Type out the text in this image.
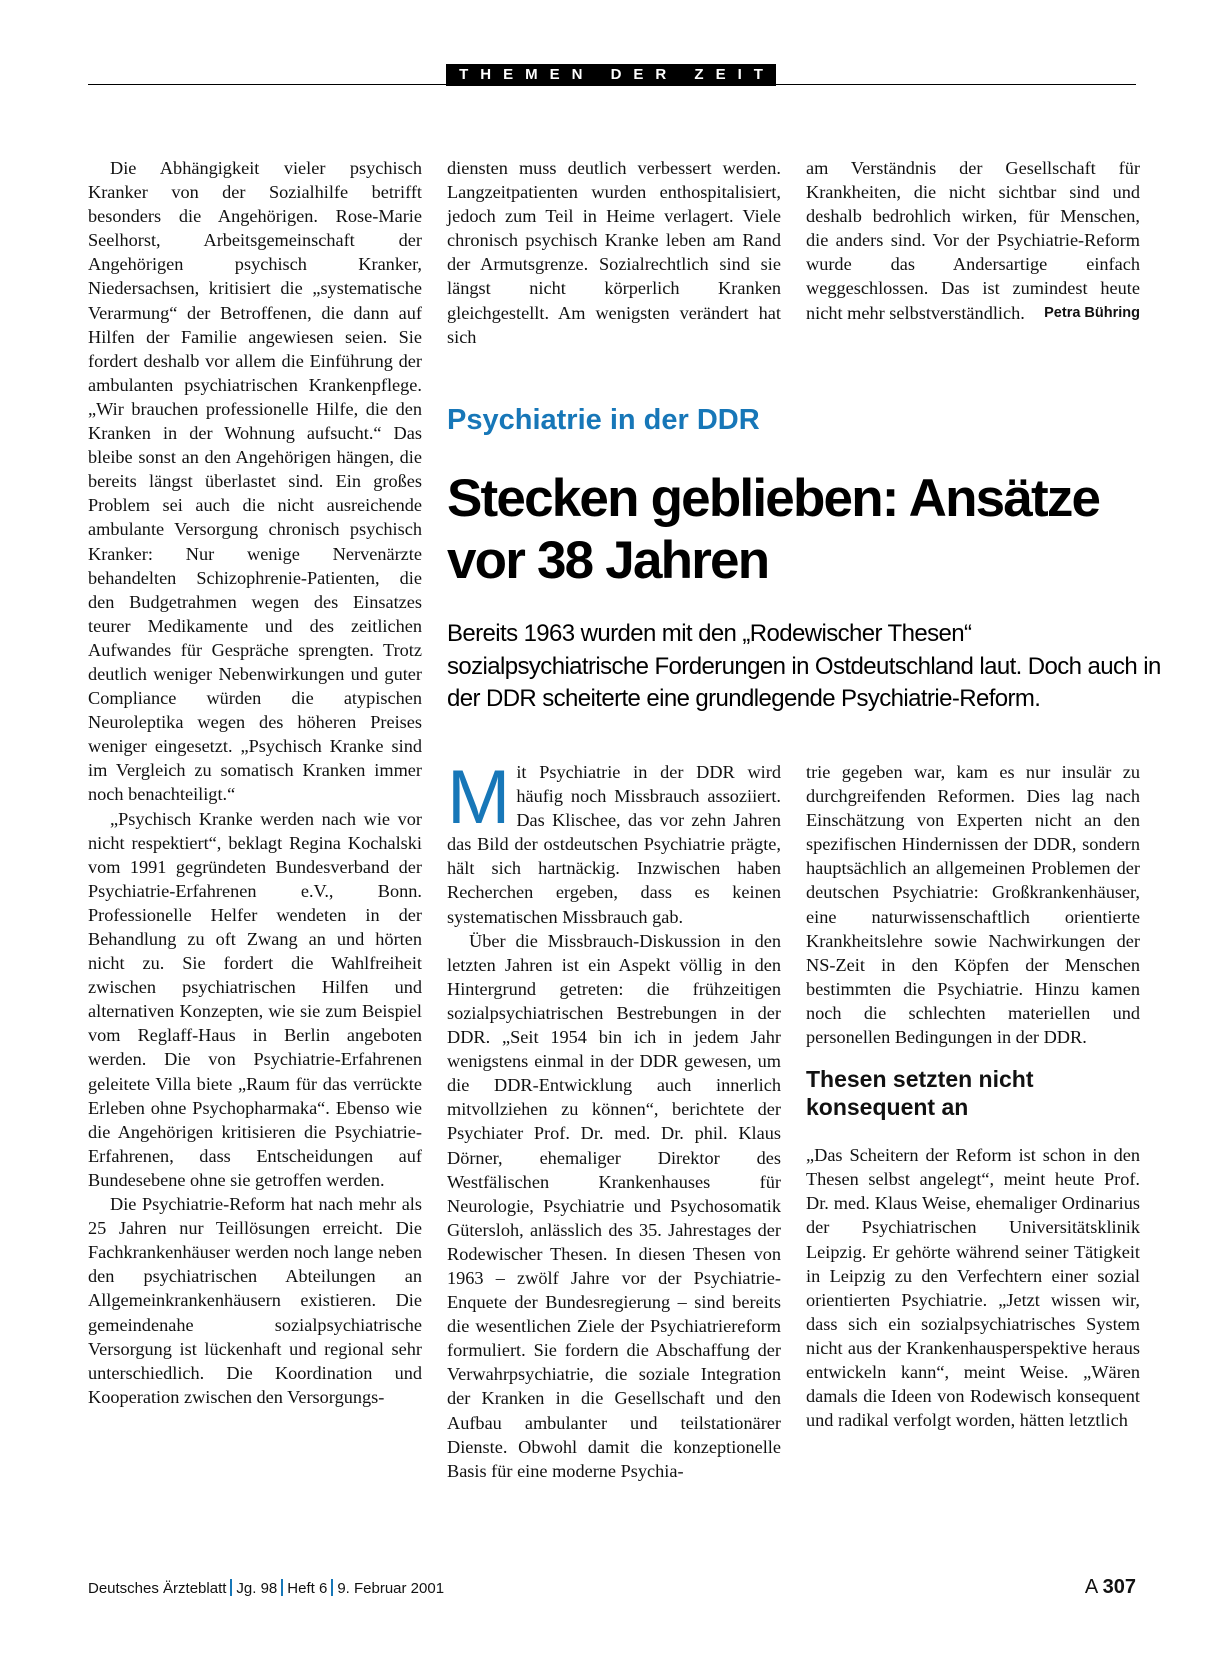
THEMEN DER ZEIT

Die Abhängigkeit vieler psychisch Kranker von der Sozialhilfe betrifft besonders die Angehörigen. Rose-Marie Seelhorst, Arbeitsgemeinschaft der Angehörigen psychisch Kranker, Niedersachsen, kritisiert die „systematische Verarmung“ der Betroffenen, die dann auf Hilfen der Familie angewiesen seien. Sie fordert deshalb vor allem die Einführung der ambulanten psychiatrischen Krankenpflege. „Wir brauchen professionelle Hilfe, die den Kranken in der Wohnung aufsucht.“ Das bleibe sonst an den Angehörigen hängen, die bereits längst überlastet sind. Ein großes Problem sei auch die nicht ausreichende ambulante Versorgung chronisch psychisch Kranker: Nur wenige Nervenärzte behandelten Schizophrenie-Patienten, die den Budgetrahmen wegen des Einsatzes teurer Medikamente und des zeitlichen Aufwandes für Gespräche sprengten. Trotz deutlich weniger Nebenwirkungen und guter Compliance würden die atypischen Neuroleptika wegen des höheren Preises weniger eingesetzt. „Psychisch Kranke sind im Vergleich zu somatisch Kranken immer noch benachteiligt.“

„Psychisch Kranke werden nach wie vor nicht respektiert“, beklagt Regina Kochalski vom 1991 gegründeten Bundesverband der Psychiatrie-Erfahrenen e.V., Bonn. Professionelle Helfer wendeten in der Behandlung zu oft Zwang an und hörten nicht zu. Sie fordert die Wahlfreiheit zwischen psychiatrischen Hilfen und alternativen Konzepten, wie sie zum Beispiel vom Reglaff-Haus in Berlin angeboten werden. Die von Psychiatrie-Erfahrenen geleitete Villa biete „Raum für das verrückte Erleben ohne Psychopharmaka“. Ebenso wie die Angehörigen kritisieren die Psychiatrie-Erfahrenen, dass Entscheidungen auf Bundesebene ohne sie getroffen werden.

Die Psychiatrie-Reform hat nach mehr als 25 Jahren nur Teillösungen erreicht. Die Fachkrankenhäuser werden noch lange neben den psychiatrischen Abteilungen an Allgemeinkrankenhäusern existieren. Die gemeindenahe sozialpsychiatrische Versorgung ist lückenhaft und regional sehr unterschiedlich. Die Koordination und Kooperation zwischen den Versorgungs-

diensten muss deutlich verbessert werden. Langzeitpatienten wurden enthospitalisiert, jedoch zum Teil in Heime verlagert. Viele chronisch psychisch Kranke leben am Rand der Armutsgrenze. Sozialrechtlich sind sie längst nicht körperlich Kranken gleichgestellt. Am wenigsten verändert hat sich

am Verständnis der Gesellschaft für Krankheiten, die nicht sichtbar sind und deshalb bedrohlich wirken, für Menschen, die anders sind. Vor der Psychiatrie-Reform wurde das Andersartige einfach weggeschlossen. Das ist zumindest heute nicht mehr selbstverständlich. Petra Bühring

Psychiatrie in der DDR
Stecken geblieben: Ansätze
vor 38 Jahren
Bereits 1963 wurden mit den „Rodewischer Thesen“ sozialpsychiatrische Forderungen in Ostdeutschland laut. Doch auch in der DDR scheiterte eine grundlegende Psychiatrie-Reform.

Mit Psychiatrie in der DDR wird häufig noch Missbrauch assoziiert. Das Klischee, das vor zehn Jahren das Bild der ostdeutschen Psychiatrie prägte, hält sich hartnäckig. Inzwischen haben Recherchen ergeben, dass es keinen systematischen Missbrauch gab.

Über die Missbrauch-Diskussion in den letzten Jahren ist ein Aspekt völlig in den Hintergrund getreten: die frühzeitigen sozialpsychiatrischen Bestrebungen in der DDR. „Seit 1954 bin ich in jedem Jahr wenigstens einmal in der DDR gewesen, um die DDR-Entwicklung auch innerlich mitvollziehen zu können“, berichtete der Psychiater Prof. Dr. med. Dr. phil. Klaus Dörner, ehemaliger Direktor des Westfälischen Krankenhauses für Neurologie, Psychiatrie und Psychosomatik Gütersloh, anlässlich des 35. Jahrestages der Rodewischer Thesen. In diesen Thesen von 1963 – zwölf Jahre vor der Psychiatrie-Enquete der Bundesregierung – sind bereits die wesentlichen Ziele der Psychiatriereform formuliert. Sie fordern die Abschaffung der Verwahrpsychiatrie, die soziale Integration der Kranken in die Gesellschaft und den Aufbau ambulanter und teilstationärer Dienste. Obwohl damit die konzeptionelle Basis für eine moderne Psychia-

trie gegeben war, kam es nur insulär zu durchgreifenden Reformen. Dies lag nach Einschätzung von Experten nicht an den spezifischen Hindernissen der DDR, sondern hauptsächlich an allgemeinen Problemen der deutschen Psychiatrie: Großkrankenhäuser, eine naturwissenschaftlich orientierte Krankheitslehre sowie Nachwirkungen der NS-Zeit in den Köpfen der Menschen bestimmten die Psychiatrie. Hinzu kamen noch die schlechten materiellen und personellen Bedingungen in der DDR.

Thesen setzten nicht
konsequent an

„Das Scheitern der Reform ist schon in den Thesen selbst angelegt“, meint heute Prof. Dr. med. Klaus Weise, ehemaliger Ordinarius der Psychiatrischen Universitätsklinik Leipzig. Er gehörte während seiner Tätigkeit in Leipzig zu den Verfechtern einer sozial orientierten Psychiatrie. „Jetzt wissen wir, dass sich ein sozialpsychiatrisches System nicht aus der Krankenhausperspektive heraus entwickeln kann“, meint Weise. „Wären damals die Ideen von Rodewisch konsequent und radikal verfolgt worden, hätten letztlich

Deutsches Ärzteblatt Jg. 98 Heft 6 9. Februar 2001	A 307
